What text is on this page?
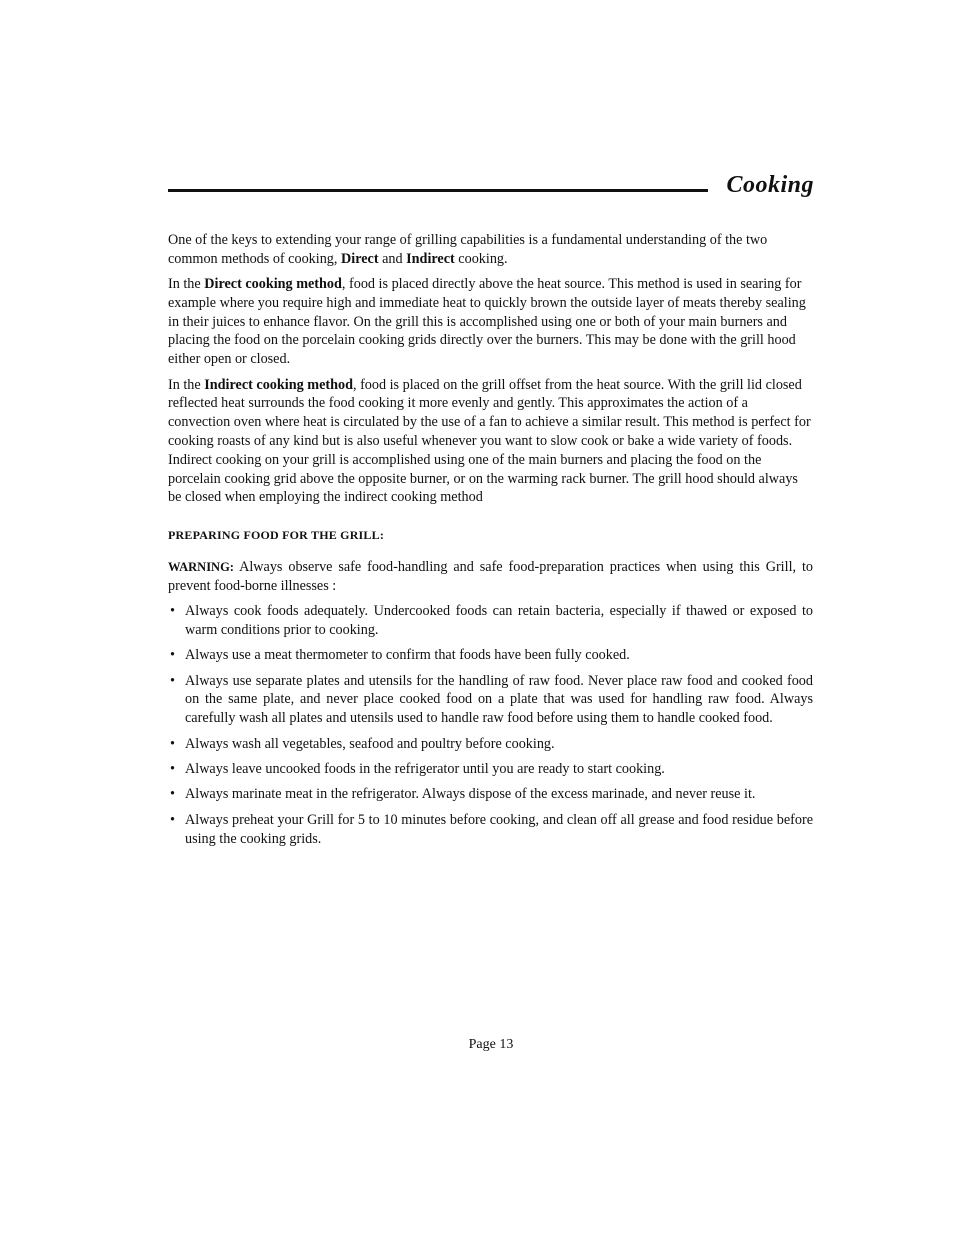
Cooking

One of the keys to extending your range of grilling capabilities is a fundamental understanding of the two common methods of cooking, Direct and Indirect cooking.

In the Direct cooking method, food is placed directly above the heat source. This method is used in searing for example where you require high and immediate heat to quickly brown the outside layer of meats thereby sealing in their juices to enhance flavor. On the grill this is accomplished using one or both of your main burners and placing the food on the porcelain cooking grids directly over the burners. This may be done with the grill hood either open or closed.

In the Indirect cooking method, food is placed on the grill offset from the heat source. With the grill lid closed reflected heat surrounds the food cooking it more evenly and gently. This approximates the action of a convection oven where heat is circulated by the use of a fan to achieve a similar result. This method is perfect for cooking roasts of any kind but is also useful whenever you want to slow cook or bake a wide variety of foods. Indirect cooking on your grill is accomplished using one of the main burners and placing the food on the porcelain cooking grid above the opposite burner, or on the warming rack burner. The grill hood should always be closed when employing the indirect cooking method

PREPARING FOOD FOR THE GRILL:

WARNING: Always observe safe food-handling and safe food-preparation practices when using this Grill, to prevent food-borne illnesses :

• Always cook foods adequately. Undercooked foods can retain bacteria, especially if thawed or exposed to warm conditions prior to cooking.
• Always use a meat thermometer to confirm that foods have been fully cooked.
• Always use separate plates and utensils for the handling of raw food. Never place raw food and cooked food on the same plate, and never place cooked food on a plate that was used for handling raw food. Always carefully wash all plates and utensils used to handle raw food before using them to handle cooked food.
• Always wash all vegetables, seafood and poultry before cooking.
• Always leave uncooked foods in the refrigerator until you are ready to start cooking.
• Always marinate meat in the refrigerator. Always dispose of the excess marinade, and never reuse it.
• Always preheat your Grill for 5 to 10 minutes before cooking, and clean off all grease and food residue before using the cooking grids.
Page 13
